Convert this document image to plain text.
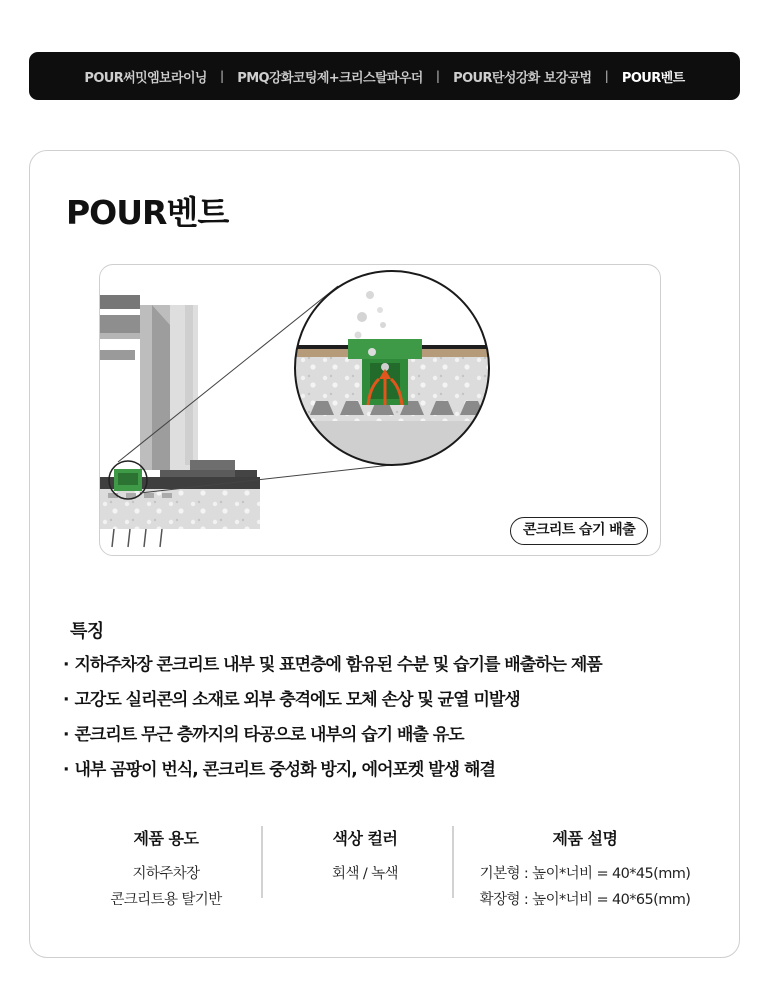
POUR써밋엠보라이닝 | PMQ강화코팅제+크리스탈파우더 | POUR탄성강화 보강공법 | POUR벤트
POUR벤트
콘크리트 습기 배출
특징
· 지하주차장 콘크리트 내부 및 표면층에 함유된 수분 및 습기를 배출하는 제품
· 고강도 실리콘의 소재로 외부 충격에도 모체 손상 및 균열 미발생
· 콘크리트 무근 층까지의 타공으로 내부의 습기 배출 유도
· 내부 곰팡이 번식, 콘크리트 중성화 방지, 에어포켓 발생 해결
제품 용도
지하주차장
콘크리트용 탈기반
색상 컬러
회색 / 녹색
제품 설명
기본형 : 높이*너비 = 40*45(mm)
확장형 : 높이*너비 = 40*65(mm)
